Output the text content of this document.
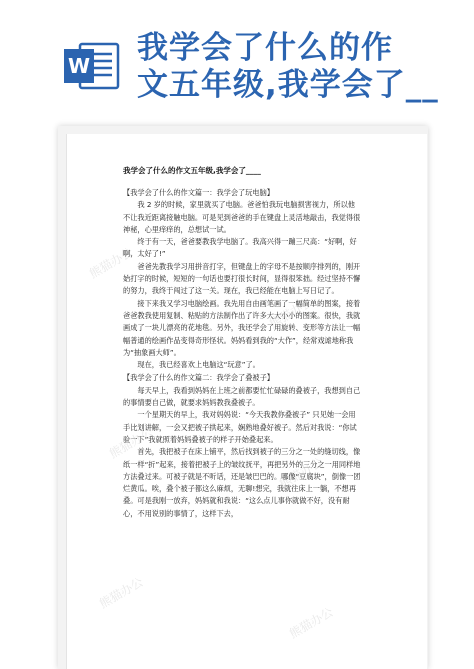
W 我学会了什么的作
文五年级,我学会了__
我学会了什么的作文五年级,我学会了____

【我学会了什么的作文篇一：我学会了玩电脑】

我 2 岁的时候，家里就买了电脑。爸爸怕我玩电脑损害视力，所以他不让我近距离接触电脑。可是见到爸爸的手在键盘上灵活地敲击，我觉得很神秘，心里痒痒的，总想试一试。

终于有一天，爸爸要教我学电脑了。我高兴得一蹦三尺高：“好啊，好啊，太好了!”

爸爸先教我学习用拼音打字，但键盘上的字母不是按顺序排列的，刚开始打字的时候，短短的一句话也要打很长时间，显得很笨拙。经过坚持不懈的努力，我终于闯过了这一关。现在，我已经能在电脑上写日记了。

接下来我又学习电脑绘画。我先用自由画笔画了一幅简单的图案，接着爸爸教我使用复制、粘贴的方法制作出了许多大大小小的图案。很快，我就画成了一块儿漂亮的花地毯。另外，我还学会了用旋转、变形等方法让一幅幅普通的绘画作品变得奇形怪状。妈妈看到我的“大作”，经常戏谑地称我为“抽象画大师”。

现在，我已经喜欢上电脑这“玩意”了。

【我学会了什么的作文篇二：我学会了叠被子】

每天早上，我看到妈妈在上班之前都要忙忙碌碌的叠被子，我想到自己的事情要自己做，就要求妈妈教我叠被子。

一个星期天的早上，我对妈妈说：“今天我教你叠被子” 只见她一会用手比划讲解，一会又把被子拱起来，娴熟地叠好被子。然后对我说：“你试验一下”我就照着妈妈叠被子的样子开始叠起来。

首先，我把被子在床上铺平，然后找到被子的三分之一处的缝切线，像纸一样“折”起来，接着把被子上的皱纹抚平，再把另外的三分之一用同样地方法叠过来。可被子就是不听话，还是皱巴巴的。哪像“豆腐块”，倒像一团烂黄瓜。唉，叠个被子都这么麻烦，无聊!想完，我就往床上一躺，不想再叠。可是我刚一放弃，妈妈就和我说：“这么点儿事你就做不好，没有耐心，不用说别的事情了，这样下去，

熊猫办公
熊猫办公
熊猫办公
熊猫办公
熊猫办公
熊猫办公
